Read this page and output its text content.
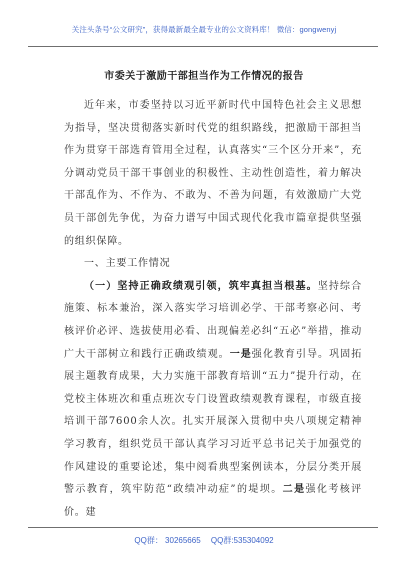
关注头条号“公文研究”，获得最新最全最专业的公文资料库！ 微信：gongwenyj
市委关于激励干部担当作为工作情况的报告

近年来，市委坚持以习近平新时代中国特色社会主义思想为指导，坚决贯彻落实新时代党的组织路线，把激励干部担当作为贯穿干部选育管用全过程，认真落实“三个区分开来”，充分调动党员干部干事创业的积极性、主动性创造性，着力解决干部乱作为、不作为、不敢为、不善为问题，有效激励广大党员干部创先争优，为奋力谱写中国式现代化我市篇章提供坚强的组织保障。

一、主要工作情况

（一）坚持正确政绩观引领，筑牢真担当根基。坚持综合施策、标本兼治，深入落实学习培训必学、干部考察必问、考核评价必评、选拔使用必看、出现偏差必纠“五必”举措，推动广大干部树立和践行正确政绩观。一是强化教育引导。巩固拓展主题教育成果，大力实施干部教育培训“五力”提升行动，在党校主体班次和重点班次专门设置政绩观教育课程，市级直接培训干部7600余人次。扎实开展深入贯彻中央八项规定精神学习教育，组织党员干部认真学习习近平总书记关于加强党的作风建设的重要论述，集中阅看典型案例读本，分层分类开展警示教育，筑牢防范“政绩冲动症”的堤坝。二是强化考核评价。建

QQ群： 30265665 QQ群:535304092
